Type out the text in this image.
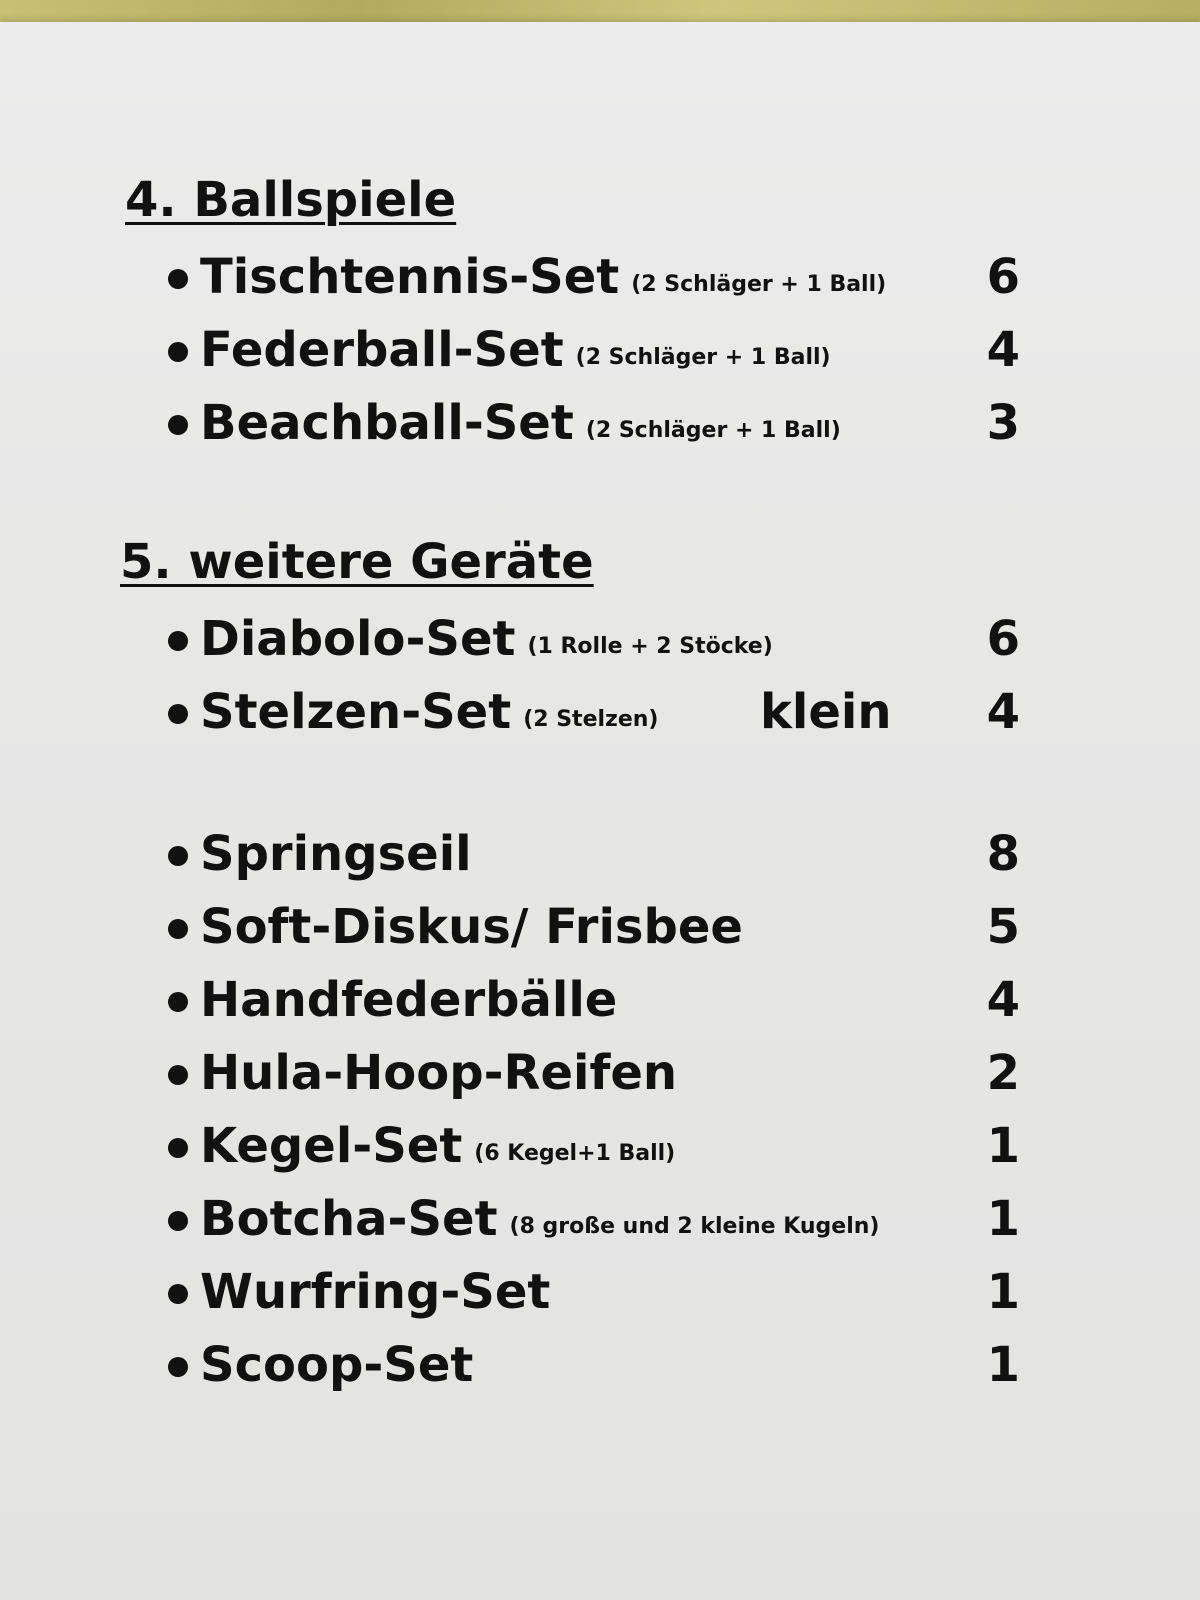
4. Ballspiele
Tischtennis-Set (2 Schläger + 1 Ball) 6
Federball-Set (2 Schläger + 1 Ball)	4
Beachball-Set (2 Schläger + 1 Ball)	3
5. weitere Geräte
Diabolo-Set (1 Rolle + 2 Stöcke)	6
Stelzen-Set (2 Stelzen) klein 4
Springseil	8
Soft-Diskus/ Frisbee	5
Handfederbälle	4
Hula-Hoop-Reifen	2
Kegel-Set (6 Kegel+1 Ball)	1
Botcha-Set (8 große und 2 kleine Kugeln) 1
Wurfring-Set	1
Scoop-Set	1
